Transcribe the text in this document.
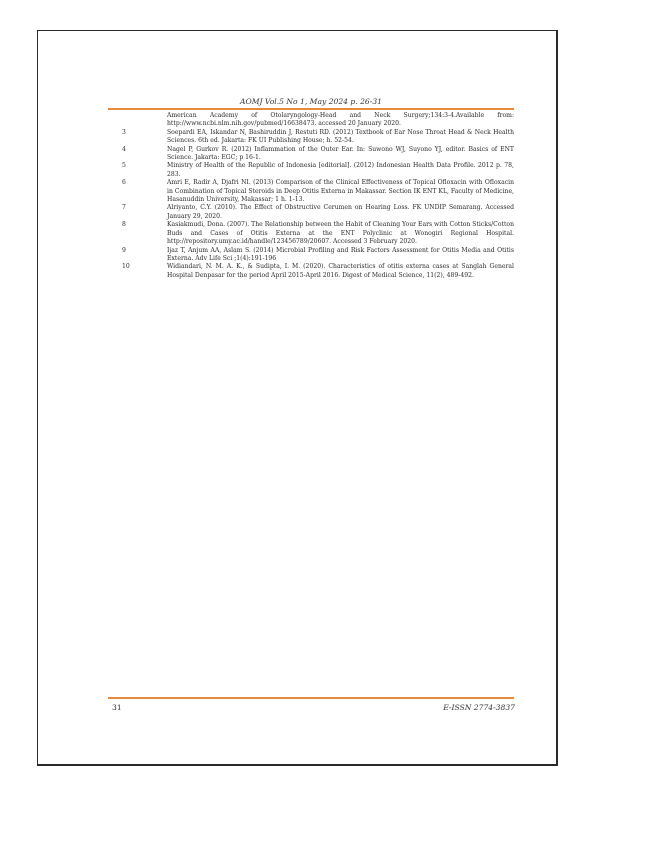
AOMJ Vol.5 No 1, May 2024 p. 26-31
American Academy of Otolaryngology-Head and Neck Surgery;134:3-4.Available from: http://www.ncbi.nlm.nih.gov/pubmed/16638473. accessed 20 January 2020.
3	Soepardi EA, Iskandar N, Bashiruddin J, Restuti RD. (2012) Textbook of Ear Nose Throat Head & Neck Health Sciences. 6th ed. Jakarta: FK UI Publishing House; h. 52-54.
4	Nagel P, Gurkov R. (2012) Inflammation of the Outer Ear. In: Suwono WJ, Suyono YJ, editor. Basics of ENT Science. Jakarta: EGC; p 16-1.
5	Ministry of Health of the Republic of Indonesia [editorial]. (2012) Indonesian Health Data Profile. 2012 p. 78, 283.
6	Amri E, Radir A, Djafri NI. (2013) Comparison of the Clinical Effectiveness of Topical Ofloxacin with Ofloxacin in Combination of Topical Steroids in Deep Otitis Externa in Makassar. Section IK ENT KL, Faculty of Medicine, Hasanuddin University, Makassar; 1 h. 1-13.
7	Alriyanto, C.Y. (2010). The Effect of Obstructive Cerumen on Hearing Loss. FK UNDIP Semarang. Accessed January 29, 2020.
8	Kasiakmudi, Dona. (2007). The Relationship between the Habit of Cleaning Your Ears with Cotton Sticks/Cotton Buds and Cases of Otitis Externa at the ENT Polyclinic at Wonogiri Regional Hospital. http://repository.umy.ac.id/handle/123456789/20607. Accessed 3 February 2020.
9	Ijaz T, Anjum AA, Aslam S. (2014) Microbial Profiling and Risk Factors Assessment for Otitis Media and Otitis Externa. Adv Life Sci ;1(4):191-196
10	Widiandari, N. M. A. K., & Sudipta, I. M. (2020). Characteristics of otitis externa cases at Sanglah General Hospital Denpasar for the period April 2015-April 2016. Digest of Medical Science, 11(2), 489-492.
31	E-ISSN 2774-3837
